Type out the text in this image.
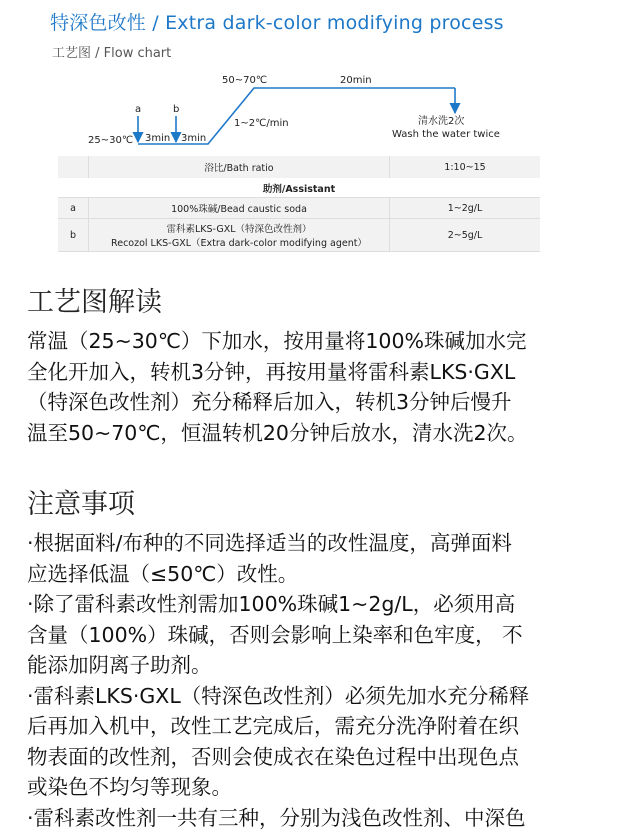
特深色改性 / Extra dark-color modifying process
工艺图 / Flow chart
50~70℃	20min
1~2℃/min
a	b
25~30℃ 3min 3min
清水洗2次
Wash the water twice
	浴比/Bath ratio	1:10~15
助剂/Assistant		
a	100%珠碱/Bead caustic soda	1~2g/L
b	雷科素LKS-GXL（特深色改性剂）
Recozol LKS-GXL（Extra dark-color modifying agent）	2~5g/L
工艺图解读
常温（25~30℃）下加水，按用量将100%珠碱加水完
全化开加入，转机3分钟，再按用量将雷科素LKS·GXL
（特深色改性剂）充分稀释后加入，转机3分钟后慢升
温至50~70℃，恒温转机20分钟后放水，清水洗2次。
注意事项
·根据面料/布种的不同选择适当的改性温度，高弹面料
应选择低温（≤50℃）改性。
·除了雷科素改性剂需加100%珠碱1~2g/L，必须用高
含量（100%）珠碱，否则会影响上染率和色牢度， 不
能添加阴离子助剂。
·雷科素LKS·GXL（特深色改性剂）必须先加水充分稀释
后再加入机中，改性工艺完成后，需充分洗净附着在织
物表面的改性剂，否则会使成衣在染色过程中出现色点
或染色不均匀等现象。
·雷科素改性剂一共有三种，分别为浅色改性剂、中深色
